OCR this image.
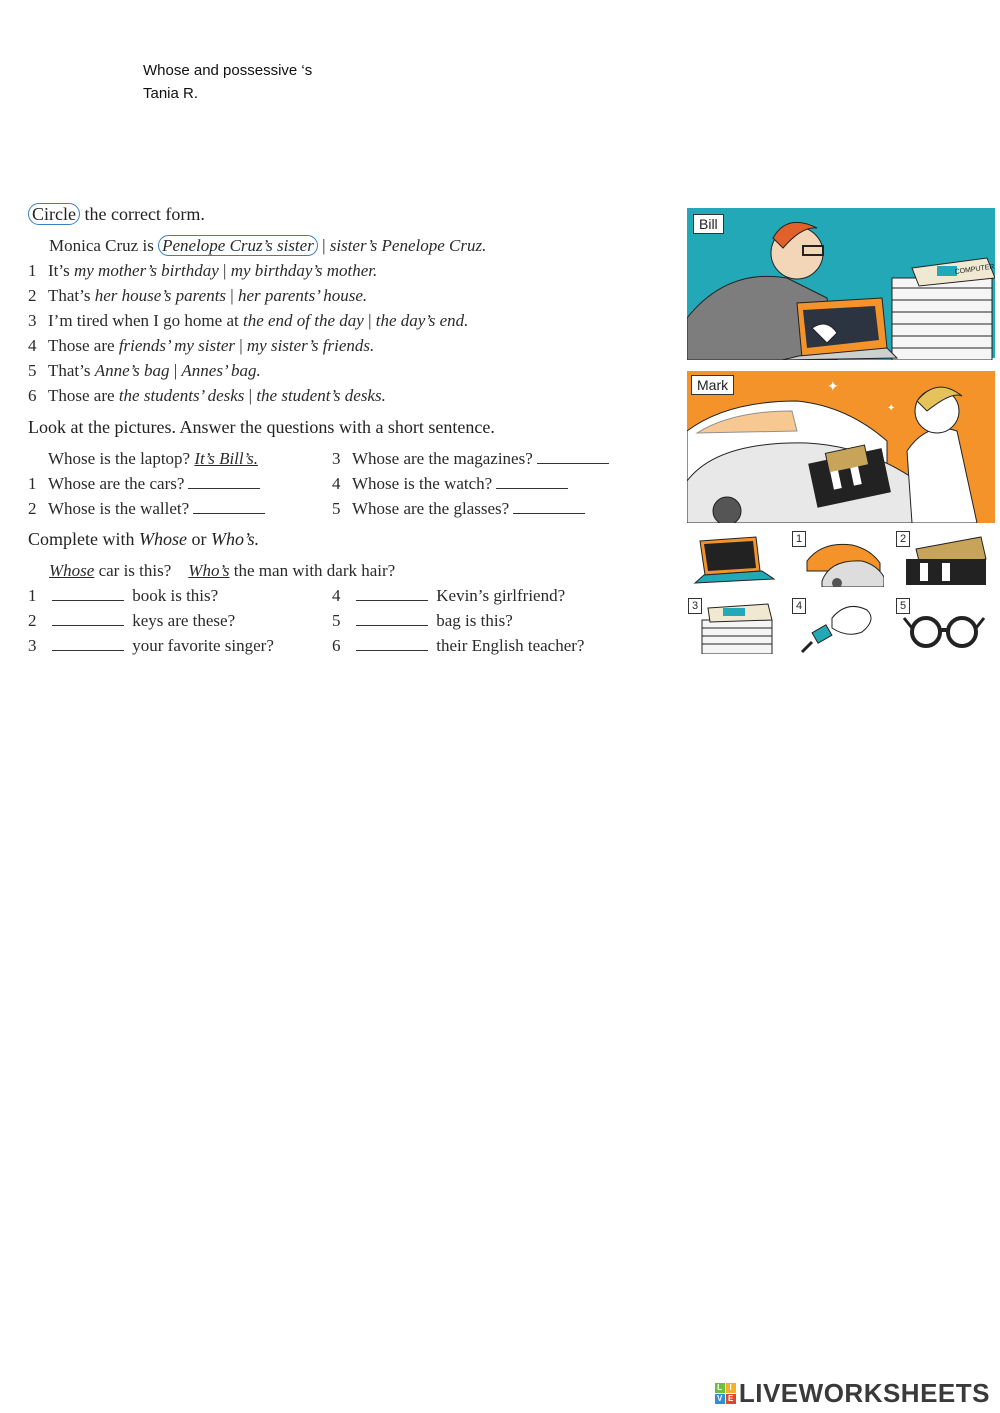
Whose and possessive ‘s
Tania R.
Circle the correct form.
Monica Cruz is Penelope Cruz’s sister | sister’s Penelope Cruz.
1 It’s my mother’s birthday | my birthday’s mother.
2 That’s her house’s parents | her parents’ house.
3 I’m tired when I go home at the end of the day | the day’s end.
4 Those are friends’ my sister | my sister’s friends.
5 That’s Anne’s bag | Annes’ bag.
6 Those are the students’ desks | the student’s desks.
Look at the pictures. Answer the questions with a short sentence.
Whose is the laptop? It’s Bill’s.
1 Whose are the cars?
2 Whose is the wallet?
3 Whose are the magazines?
4 Whose is the watch?
5 Whose are the glasses?
Complete with Whose or Who’s.
Whose car is this? Who’s the man with dark hair?
1	book is this?
2	keys are these?
3	your favorite singer?
4	Kevin’s girlfriend?
5	bag is this?
6	their English teacher?
COMPUTER
Bill
✦
✦
Mark
1	2
3	4	5
L I
V E LIVEWORKSHEETS
